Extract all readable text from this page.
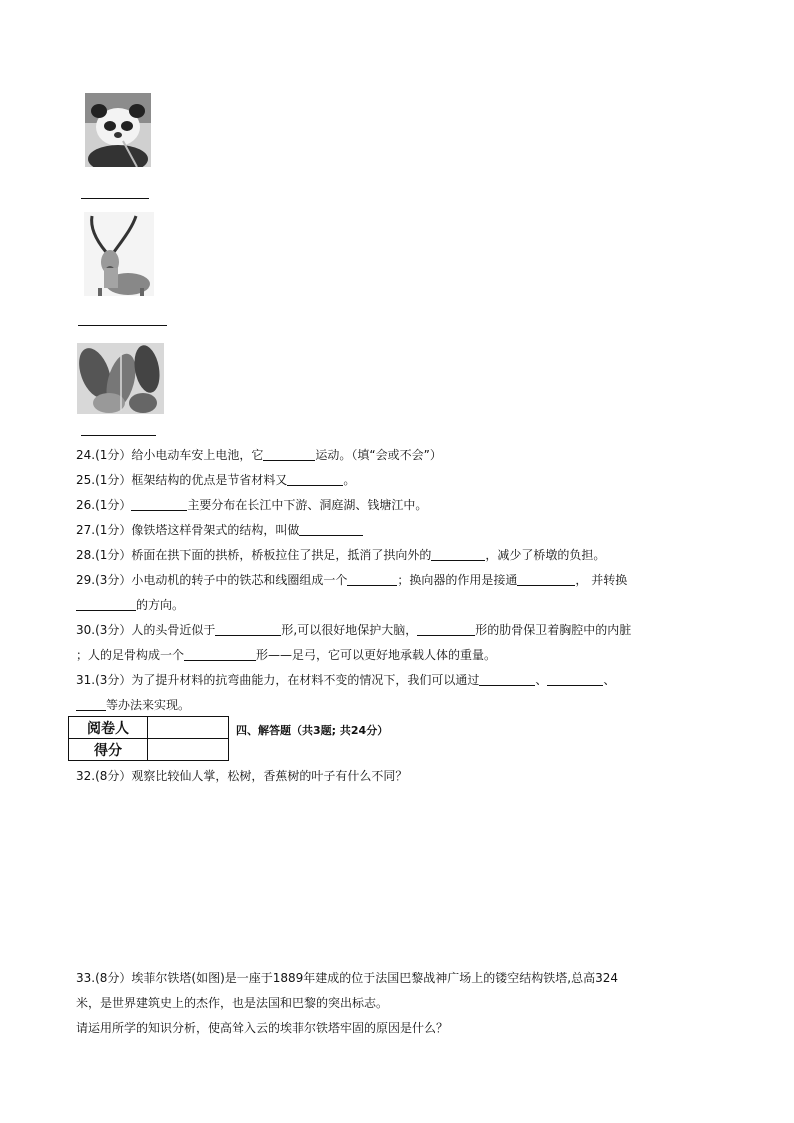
24.(1分）给小电动车安上电池，它	运动。（填“会或不会”）
25.(1分）框架结构的优点是节省材料又	。
26.(1分）	主要分布在长江中下游、洞庭湖、钱塘江中。
27.(1分）像铁塔这样骨架式的结构，叫做
28.(1分）桥面在拱下面的拱桥，桥板拉住了拱足，抵消了拱向外的	，减少了桥墩的负担。
29.(3分）小电动机的转子中的铁芯和线圈组成一个	；换向器的作用是接通	， 并转换
的方向。
30.(3分）人的头骨近似于	形,可以很好地保护大脑，	形的肋骨保卫着胸腔中的内脏
；人的足骨构成一个	形——足弓，它可以更好地承载人体的重量。
31.(3分）为了提升材料的抗弯曲能力，在材料不变的情况下，我们可以通过	、	、
等办法来实现。
阅卷人	
得分	
四、解答题（共3题; 共24分）
32.(8分）观察比较仙人掌，松树，香蕉树的叶子有什么不同？
33.(8分）埃菲尔铁塔(如图)是一座于1889年建成的位于法国巴黎战神广场上的镂空结构铁塔,总高324
米，是世界建筑史上的杰作，也是法国和巴黎的突出标志。
请运用所学的知识分析，使高耸入云的埃菲尔铁塔牢固的原因是什么？
